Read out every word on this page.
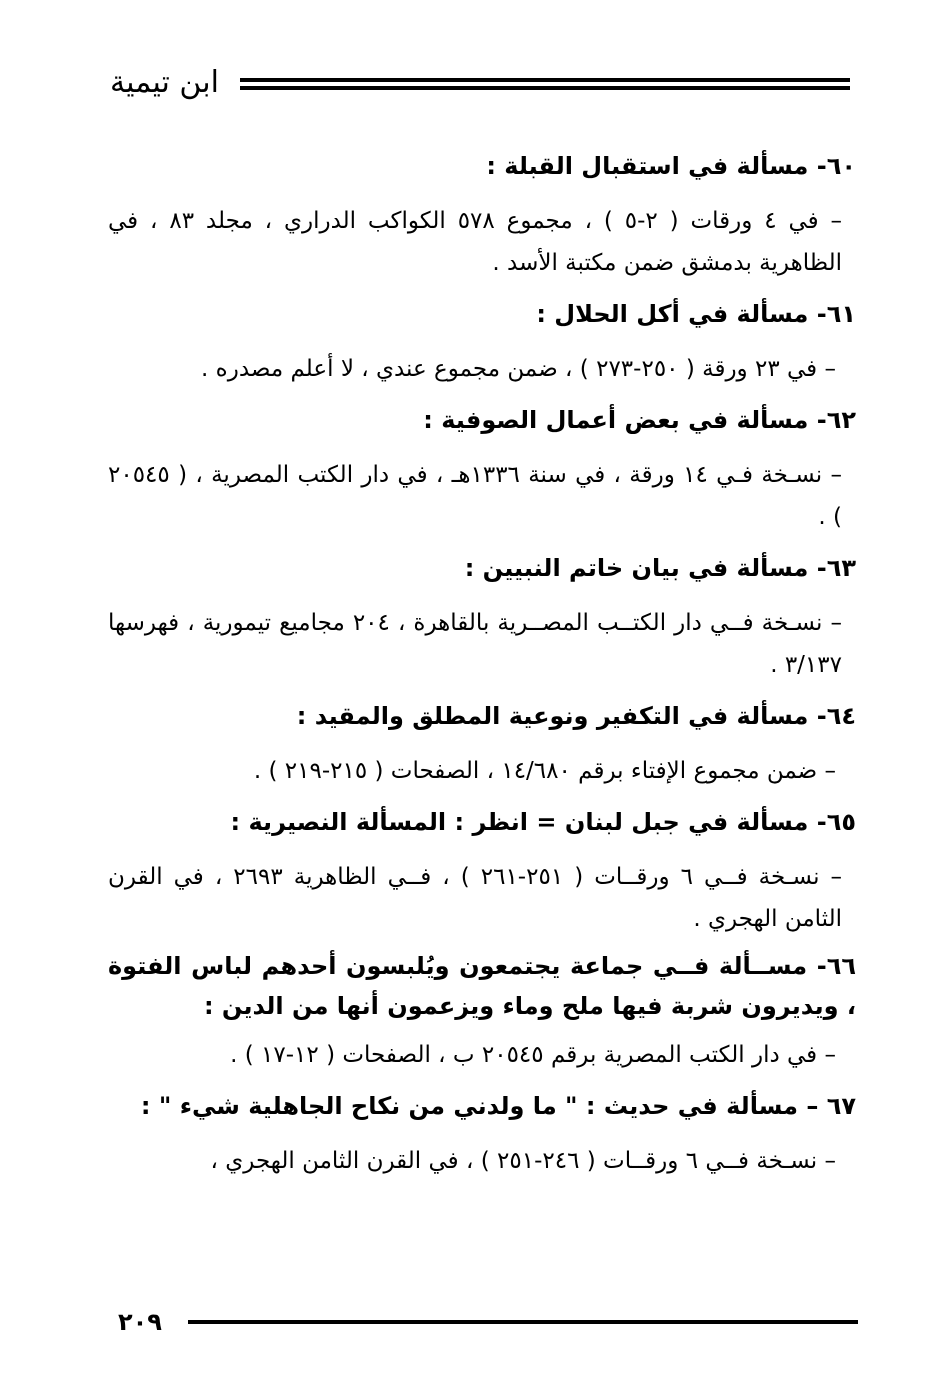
ابن تيمية

٦٠- مسألة في استقبال القبلة :

– في ٤ ورقات ( ٢-٥ ) ، مجموع ٥٧٨ الكواكب الدراري ، مجلد ٨٣ ، في الظاهرية بدمشق ضمن مكتبة الأسد .

٦١- مسألة في أكل الحلال :

– في ٢٣ ورقة ( ٢٥٠-٢٧٣ ) ، ضمن مجموع عندي ، لا أعلم مصدره .

٦٢- مسألة في بعض أعمال الصوفية :

– نسـخة فـي ١٤ ورقة ، في سنة ١٣٣٦هـ ، في دار الكتب المصرية ، ( ٢٠٥٤٥ ) .

٦٣- مسألة في بيان خاتم النبيين :

– نسـخة فــي دار الكتــب المصــرية بالقاهرة ، ٢٠٤ مجاميع تيمورية ، فهرسها ٣/١٣٧ .

٦٤- مسألة في التكفير ونوعية المطلق والمقيد :

– ضمن مجموع الإفتاء برقم ١٤/٦٨٠ ، الصفحات ( ٢١٥-٢١٩ ) .

٦٥- مسألة في جبل لبنان = انظر : المسألة النصيرية :

– نسـخة فــي ٦ ورقــات ( ٢٥١-٢٦١ ) ، فــي الظاهرية ٢٦٩٣ ، في القرن الثامن الهجري .

٦٦- مســألة فــي جماعة يجتمعون ويُلبسون أحدهم لباس الفتوة ، ويديرون شربة فيها ملح وماء ويزعمون أنها من الدين :

– في دار الكتب المصرية برقم ٢٠٥٤٥ ب ، الصفحات ( ١٢-١٧ ) .

٦٧ – مسألة في حديث : " ما ولدني من نكاح الجاهلية شيء " :

– نسـخة فــي ٦ ورقــات ( ٢٤٦-٢٥١ ) ، في القرن الثامن الهجري ،

٢٠٩
